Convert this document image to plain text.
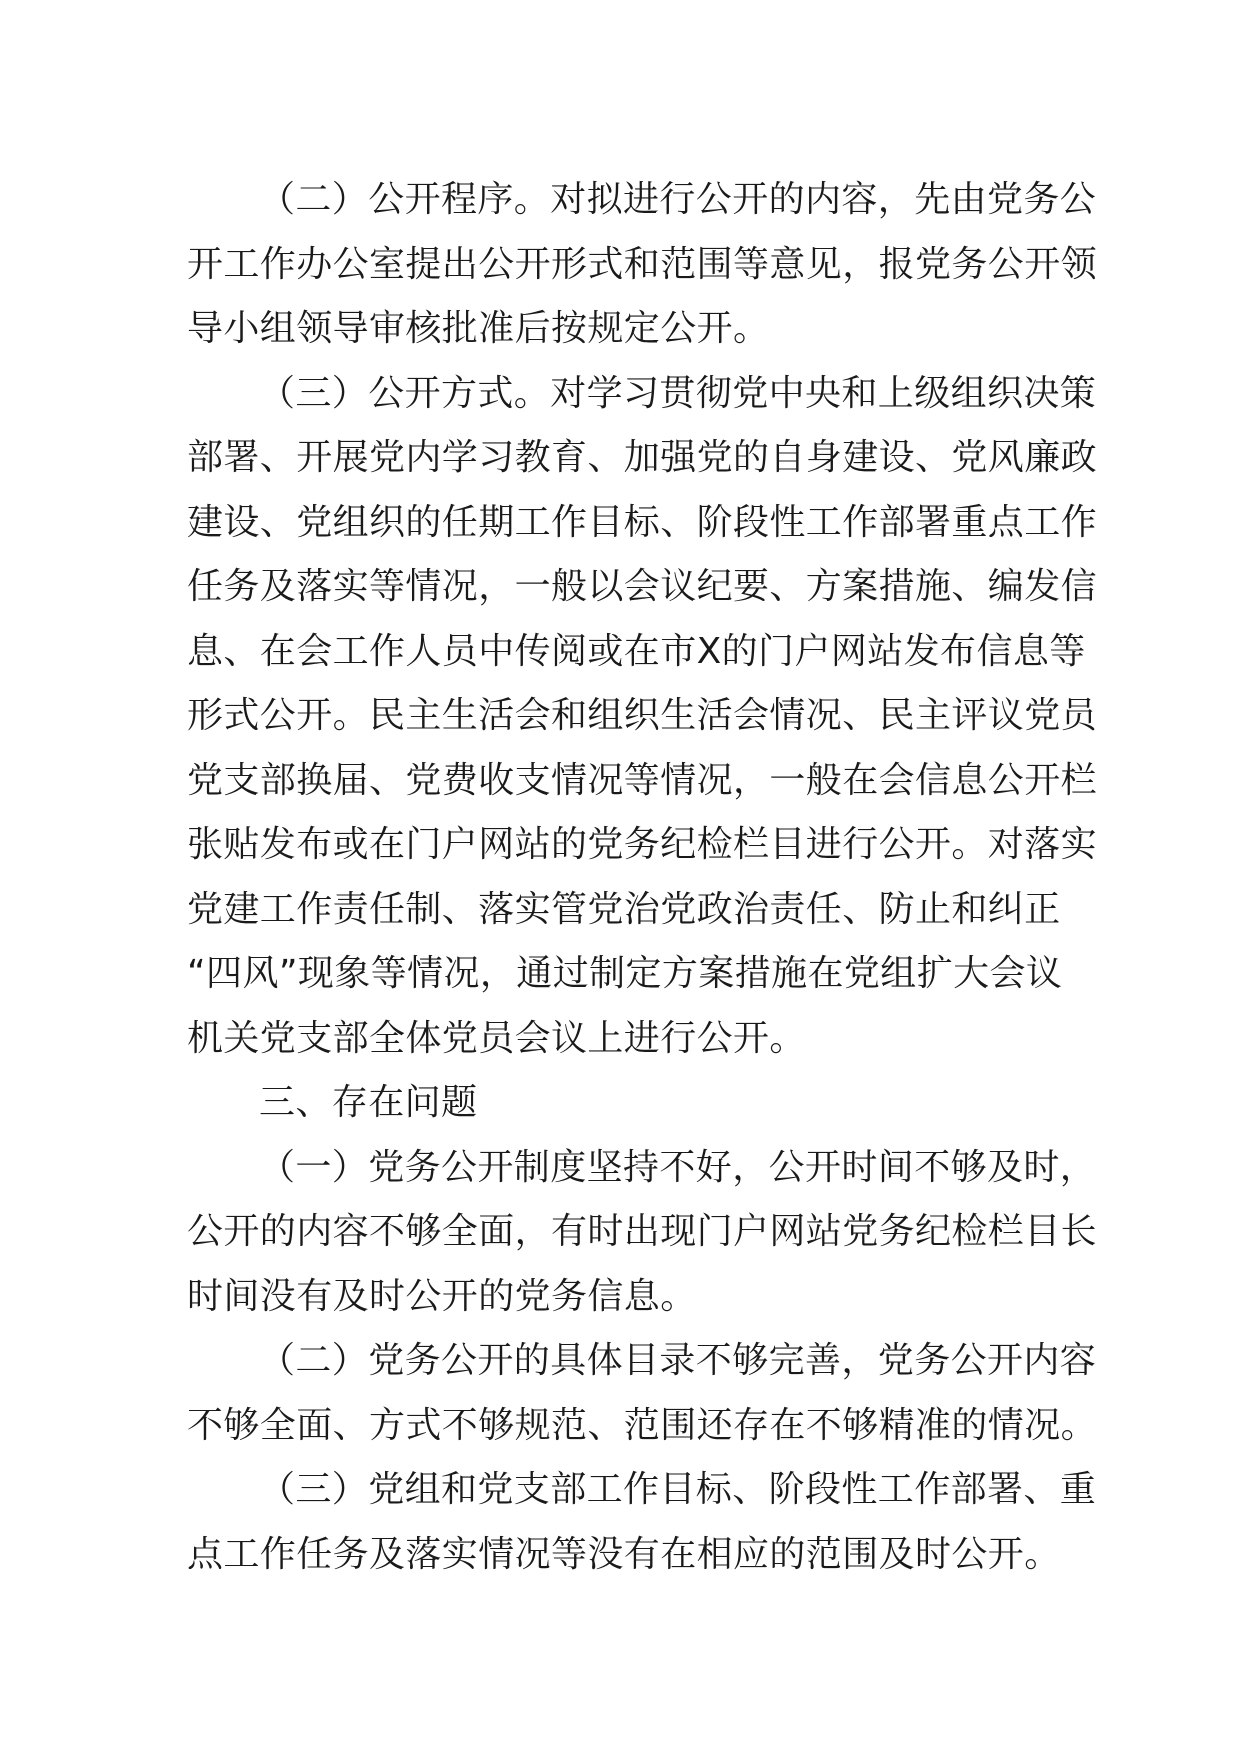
（二）公开程序。对拟进行公开的内容，先由党务公
开工作办公室提出公开形式和范围等意见，报党务公开领
导小组领导审核批准后按规定公开。
（三）公开方式。对学习贯彻党中央和上级组织决策
部署、开展党内学习教育、加强党的自身建设、党风廉政
建设、党组织的任期工作目标、阶段性工作部署重点工作
任务及落实等情况，一般以会议纪要、方案措施、编发信
息、在会工作人员中传阅或在市X的门户网站发布信息等
形式公开。民主生活会和组织生活会情况、民主评议党员
党支部换届、党费收支情况等情况，一般在会信息公开栏
张贴发布或在门户网站的党务纪检栏目进行公开。对落实
党建工作责任制、落实管党治党政治责任、防止和纠正
“四风”现象等情况，通过制定方案措施在党组扩大会议
机关党支部全体党员会议上进行公开。
三、存在问题
（一）党务公开制度坚持不好，公开时间不够及时，
公开的内容不够全面，有时出现门户网站党务纪检栏目长
时间没有及时公开的党务信息。
（二）党务公开的具体目录不够完善，党务公开内容
不够全面、方式不够规范、范围还存在不够精准的情况。
（三）党组和党支部工作目标、阶段性工作部署、重
点工作任务及落实情况等没有在相应的范围及时公开。
